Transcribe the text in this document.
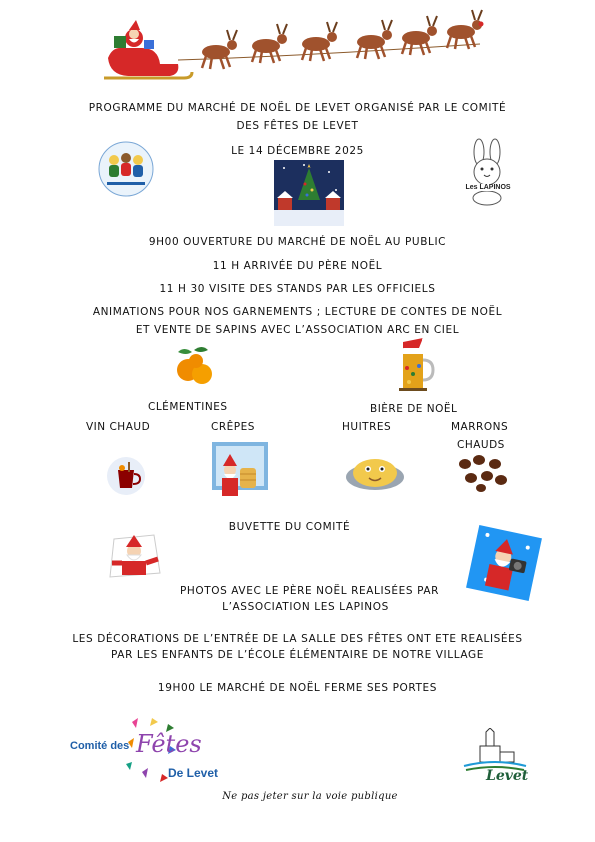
PROGRAMME DU MARCHÉ DE NOËL DE LEVET ORGANISÉ PAR LE COMITÉ
DES FÊTES DE LEVET
LE 14 DÉCEMBRE 2025
Les LAPINOS
9H00 OUVERTURE DU MARCHÉ DE NOËL AU PUBLIC
11 H ARRIVÉE DU PÈRE NOËL
11 H 30 VISITE DES STANDS PAR LES OFFICIELS
ANIMATIONS POUR NOS GARNEMENTS ; LECTURE DE CONTES DE NOËL
ET VENTE DE SAPINS AVEC L’ASSOCIATION ARC EN CIEL
CLÉMENTINES	BIÈRE DE NOËL
VIN CHAUD	CRÊPES	HUITRES	MARRONS
CHAUDS
BUVETTE DU COMITÉ
PHOTOS AVEC LE PÈRE NOËL REALISÉES PAR
L’ASSOCIATION LES LAPINOS
LES DÉCORATIONS DE L’ENTRÉE DE LA SALLE DES FÊTES ONT ETE REALISÉES
PAR LES ENFANTS DE L’ÉCOLE ÉLÉMENTAIRE DE NOTRE VILLAGE
19H00 LE MARCHÉ DE NOËL FERME SES PORTES
Comité des Fêtes
De Levet	Levet
Ne pas jeter sur la voie publique
